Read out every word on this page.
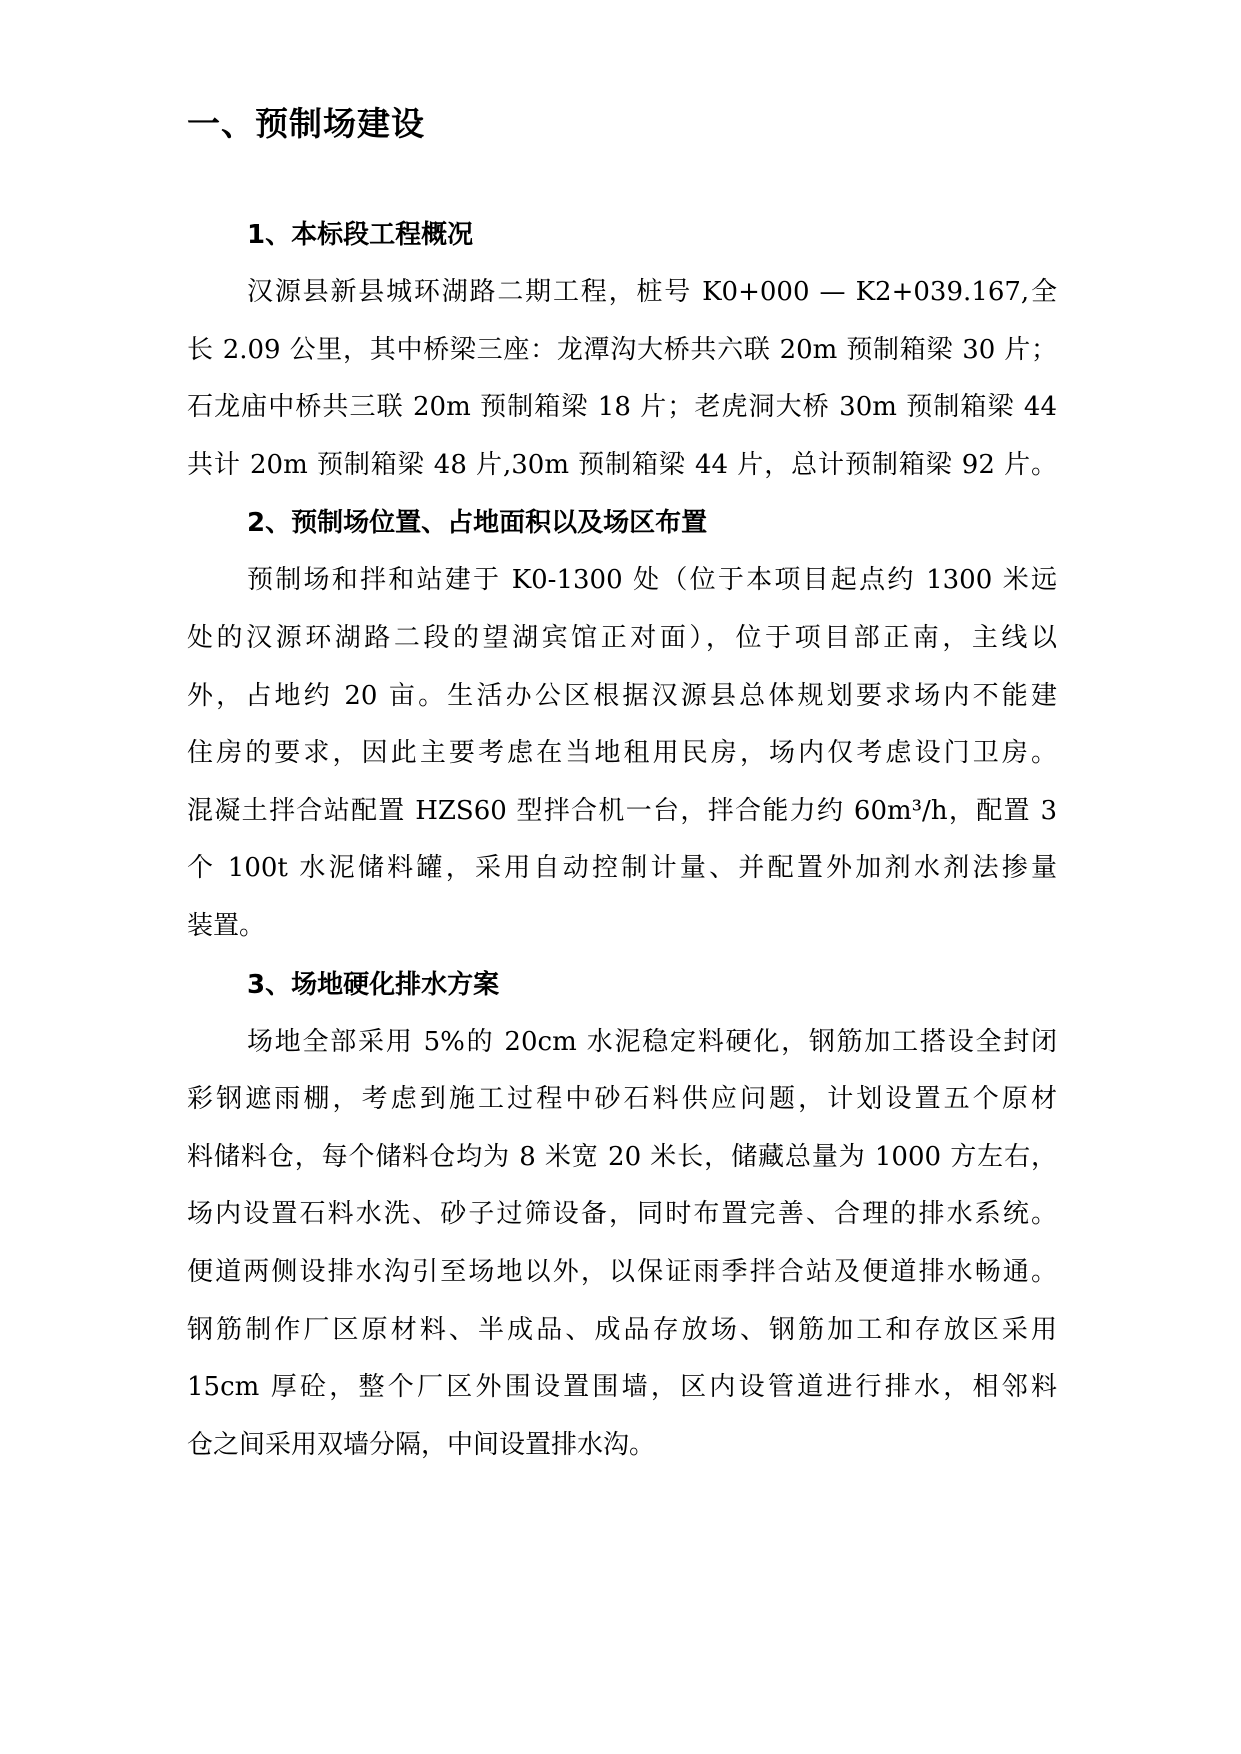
一、预制场建设
1、本标段工程概况
汉源县新县城环湖路二期工程，桩号 K0+000 — K2+039.167,全
长 2.09 公里，其中桥梁三座：龙潭沟大桥共六联 20m 预制箱梁 30 片；
石龙庙中桥共三联 20m 预制箱梁 18 片；老虎洞大桥 30m 预制箱梁 44
共计 20m 预制箱梁 48 片,30m 预制箱梁 44 片，总计预制箱梁 92 片。
2、预制场位置、占地面积以及场区布置
预制场和拌和站建于 K0-1300 处（位于本项目起点约 1300 米远
处的汉源环湖路二段的望湖宾馆正对面），位于项目部正南，主线以
外，占地约 20 亩。生活办公区根据汉源县总体规划要求场内不能建
住房的要求，因此主要考虑在当地租用民房，场内仅考虑设门卫房。
混凝土拌合站配置 HZS60 型拌合机一台，拌合能力约 60m³/h，配置 3
个 100t 水泥储料罐，采用自动控制计量、并配置外加剂水剂法掺量
装置。
3、场地硬化排水方案
场地全部采用 5%的 20cm 水泥稳定料硬化，钢筋加工搭设全封闭
彩钢遮雨棚，考虑到施工过程中砂石料供应问题，计划设置五个原材
料储料仓，每个储料仓均为 8 米宽 20 米长，储藏总量为 1000 方左右，
场内设置石料水洗、砂子过筛设备，同时布置完善、合理的排水系统。
便道两侧设排水沟引至场地以外，以保证雨季拌合站及便道排水畅通。
钢筋制作厂区原材料、半成品、成品存放场、钢筋加工和存放区采用
15cm 厚砼，整个厂区外围设置围墙，区内设管道进行排水，相邻料
仓之间采用双墙分隔，中间设置排水沟。
